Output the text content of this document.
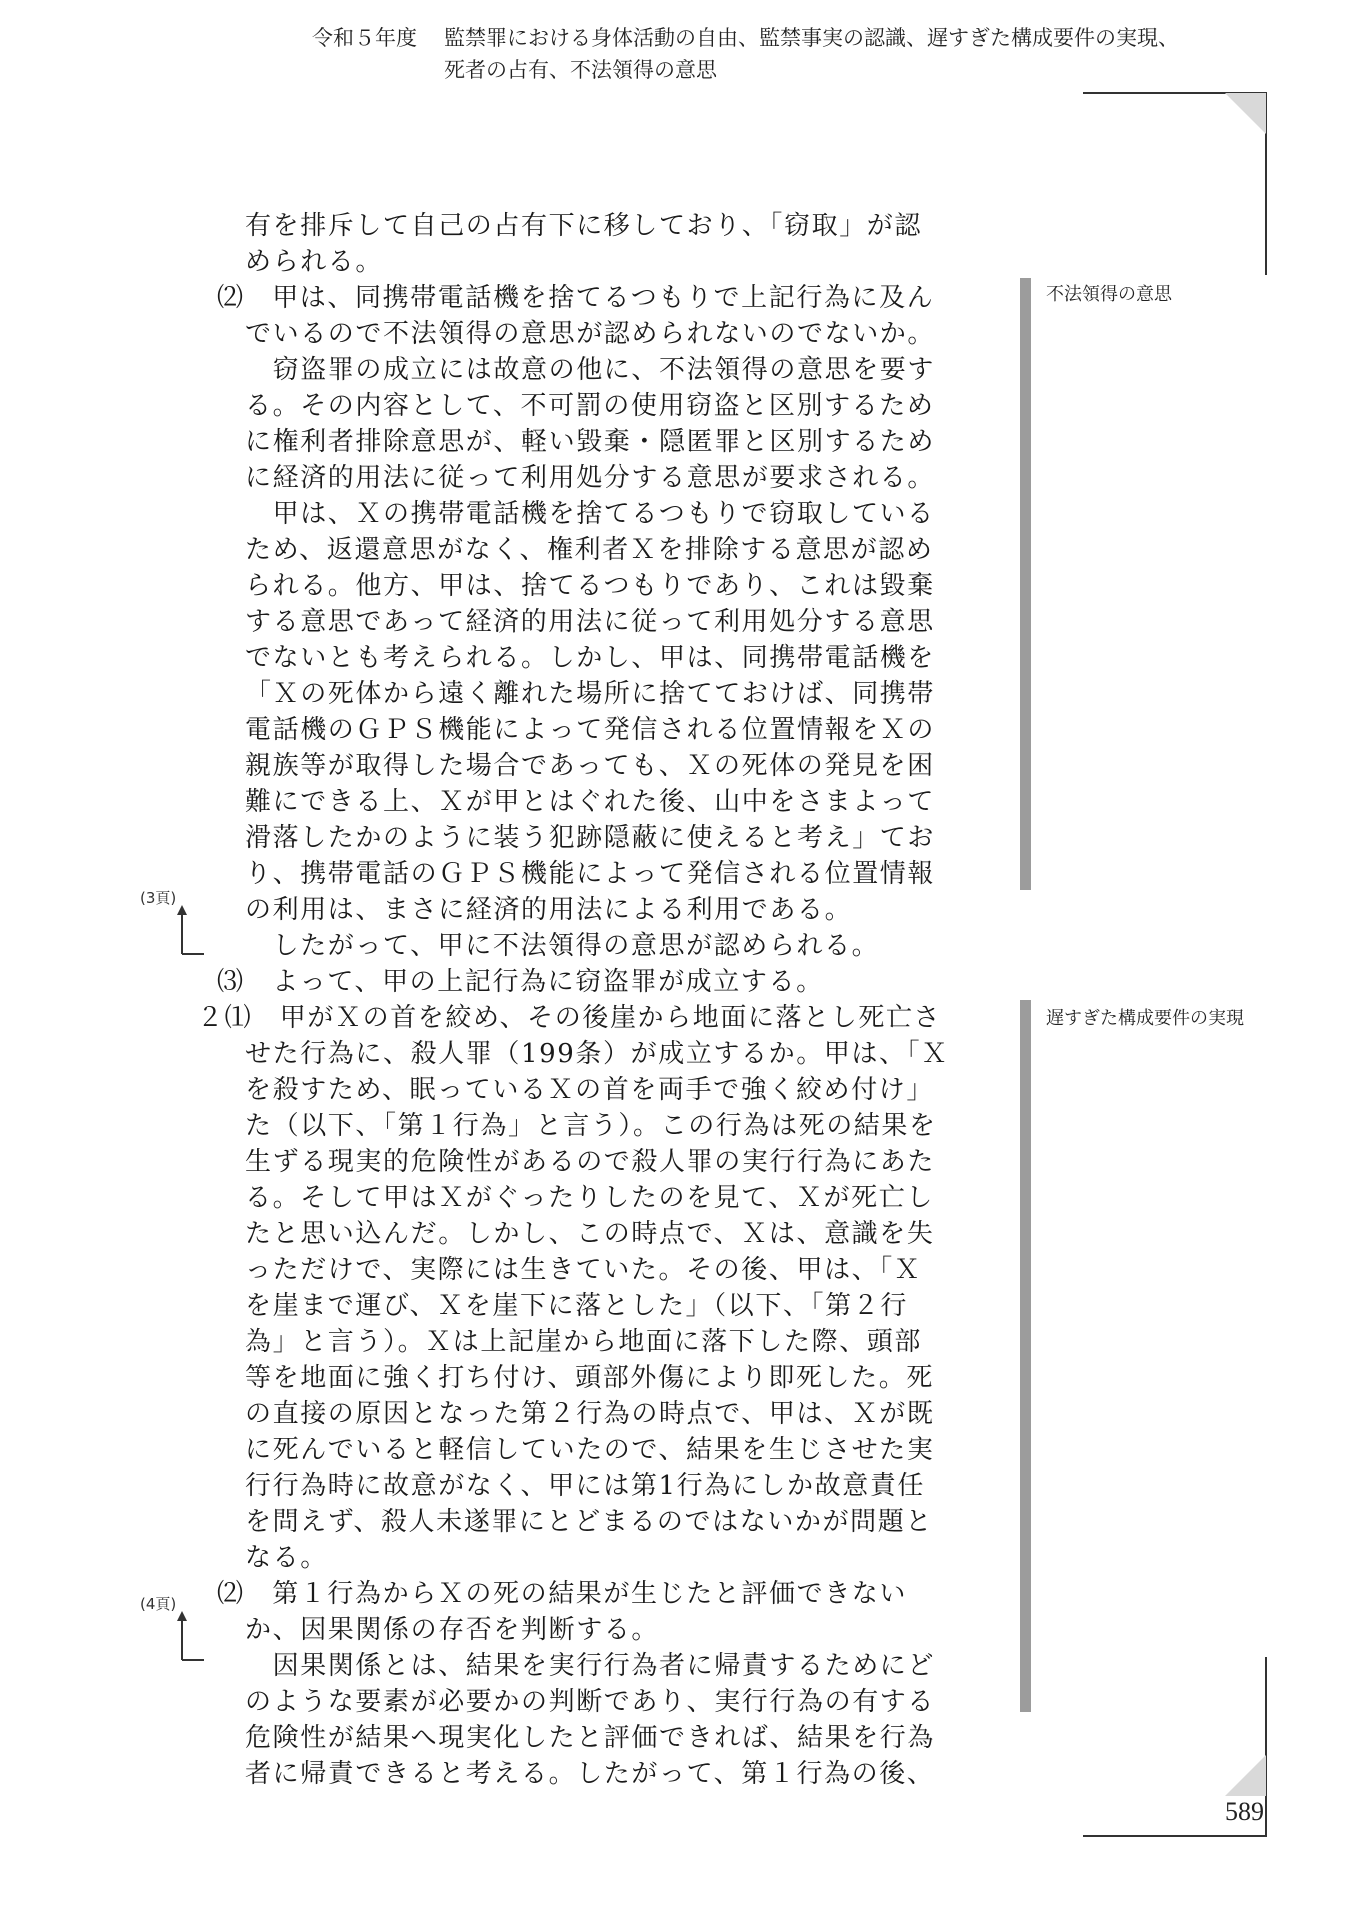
令和５年度 監禁罪における身体活動の自由、監禁事実の認識、遅すぎた構成要件の実現、
死者の占有、不法領得の意思
589
有を排斥して自己の占有下に移しており、「窃取」が認
められる。
⑵　甲は、同携帯電話機を捨てるつもりで上記行為に及ん
でいるので不法領得の意思が認められないのでないか。
　窃盗罪の成立には故意の他に、不法領得の意思を要す
る。その内容として、不可罰の使用窃盗と区別するため
に権利者排除意思が、軽い毀棄・隠匿罪と区別するため
に経済的用法に従って利用処分する意思が要求される。
　甲は、Ｘの携帯電話機を捨てるつもりで窃取している
ため、返還意思がなく、権利者Ｘを排除する意思が認め
られる。他方、甲は、捨てるつもりであり、これは毀棄
する意思であって経済的用法に従って利用処分する意思
でないとも考えられる。しかし、甲は、同携帯電話機を
「Ｘの死体から遠く離れた場所に捨てておけば、同携帯
電話機のＧＰＳ機能によって発信される位置情報をＸの
親族等が取得した場合であっても、Ｘの死体の発見を困
難にできる上、Ｘが甲とはぐれた後、山中をさまよって
滑落したかのように装う犯跡隠蔽に使えると考え」てお
り、携帯電話のＧＰＳ機能によって発信される位置情報
の利用は、まさに経済的用法による利用である。
　したがって、甲に不法領得の意思が認められる。
⑶　よって、甲の上記行為に窃盗罪が成立する。
２⑴　甲がＸの首を絞め、その後崖から地面に落とし死亡さ
せた行為に、殺人罪（199条）が成立するか。甲は、「Ｘ
を殺すため、眠っているＸの首を両手で強く絞め付け」
た（以下、「第１行為」と言う）。この行為は死の結果を
生ずる現実的危険性があるので殺人罪の実行行為にあた
る。そして甲はＸがぐったりしたのを見て、Ｘが死亡し
たと思い込んだ。しかし、この時点で、Ｘは、意識を失
っただけで、実際には生きていた。その後、甲は、「Ｘ
を崖まで運び、Ｘを崖下に落とした」（以下、「第２行
為」と言う）。Ｘは上記崖から地面に落下した際、頭部
等を地面に強く打ち付け、頭部外傷により即死した。死
の直接の原因となった第２行為の時点で、甲は、Ｘが既
に死んでいると軽信していたので、結果を生じさせた実
行行為時に故意がなく、甲には第1行為にしか故意責任
を問えず、殺人未遂罪にとどまるのではないかが問題と
なる。
⑵　第１行為からＸの死の結果が生じたと評価できない
か、因果関係の存否を判断する。
　因果関係とは、結果を実行行為者に帰責するためにど
のような要素が必要かの判断であり、実行行為の有する
危険性が結果へ現実化したと評価できれば、結果を行為
者に帰責できると考える。したがって、第１行為の後、
不法領得の意思
遅すぎた構成要件の実現
(3頁)
(4頁)
